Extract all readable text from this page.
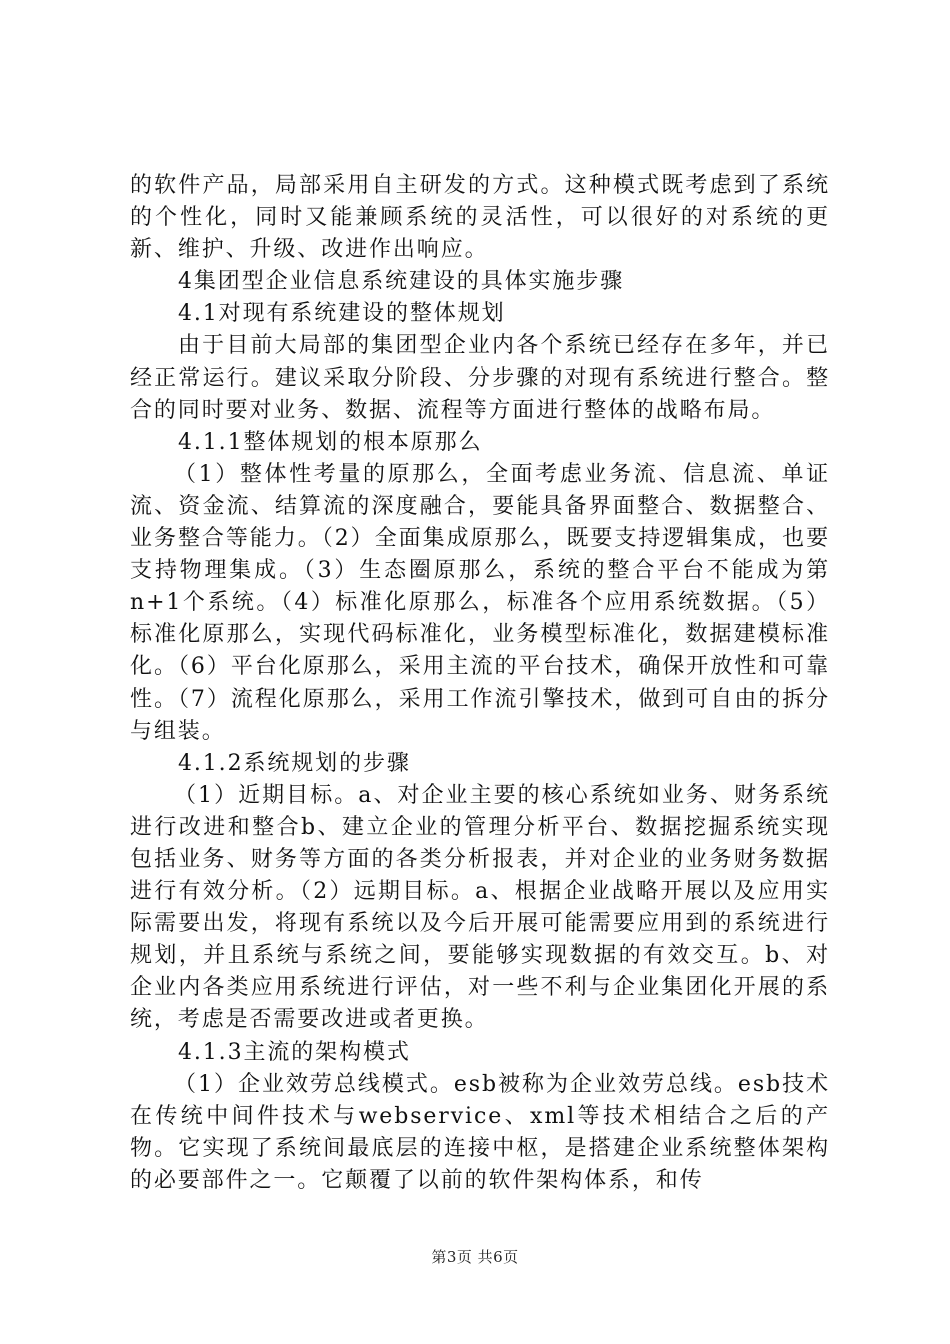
的软件产品，局部采用自主研发的方式。这种模式既考虑到了系统的个性化，同时又能兼顾系统的灵活性，可以很好的对系统的更新、维护、升级、改进作出响应。

4集团型企业信息系统建设的具体实施步骤

4.1对现有系统建设的整体规划

由于目前大局部的集团型企业内各个系统已经存在多年，并已经正常运行。建议采取分阶段、分步骤的对现有系统进行整合。整合的同时要对业务、数据、流程等方面进行整体的战略布局。

4.1.1整体规划的根本原那么

（1）整体性考量的原那么，全面考虑业务流、信息流、单证流、资金流、结算流的深度融合，要能具备界面整合、数据整合、业务整合等能力。（2）全面集成原那么，既要支持逻辑集成，也要支持物理集成。（3）生态圈原那么，系统的整合平台不能成为第n+1个系统。（4）标准化原那么，标准各个应用系统数据。（5）标准化原那么，实现代码标准化，业务模型标准化，数据建模标准化。（6）平台化原那么，采用主流的平台技术，确保开放性和可靠性。（7）流程化原那么，采用工作流引擎技术，做到可自由的拆分与组装。

4.1.2系统规划的步骤

（1）近期目标。a、对企业主要的核心系统如业务、财务系统进行改进和整合b、建立企业的管理分析平台、数据挖掘系统实现包括业务、财务等方面的各类分析报表，并对企业的业务财务数据进行有效分析。（2）远期目标。a、根据企业战略开展以及应用实际需要出发，将现有系统以及今后开展可能需要应用到的系统进行规划，并且系统与系统之间，要能够实现数据的有效交互。b、对企业内各类应用系统进行评估，对一些不利与企业集团化开展的系统，考虑是否需要改进或者更换。

4.1.3主流的架构模式

（1）企业效劳总线模式。esb被称为企业效劳总线。esb技术在传统中间件技术与webservice、xml等技术相结合之后的产物。它实现了系统间最底层的连接中枢，是搭建企业系统整体架构的必要部件之一。它颠覆了以前的软件架构体系，和传

第3页 共6页
